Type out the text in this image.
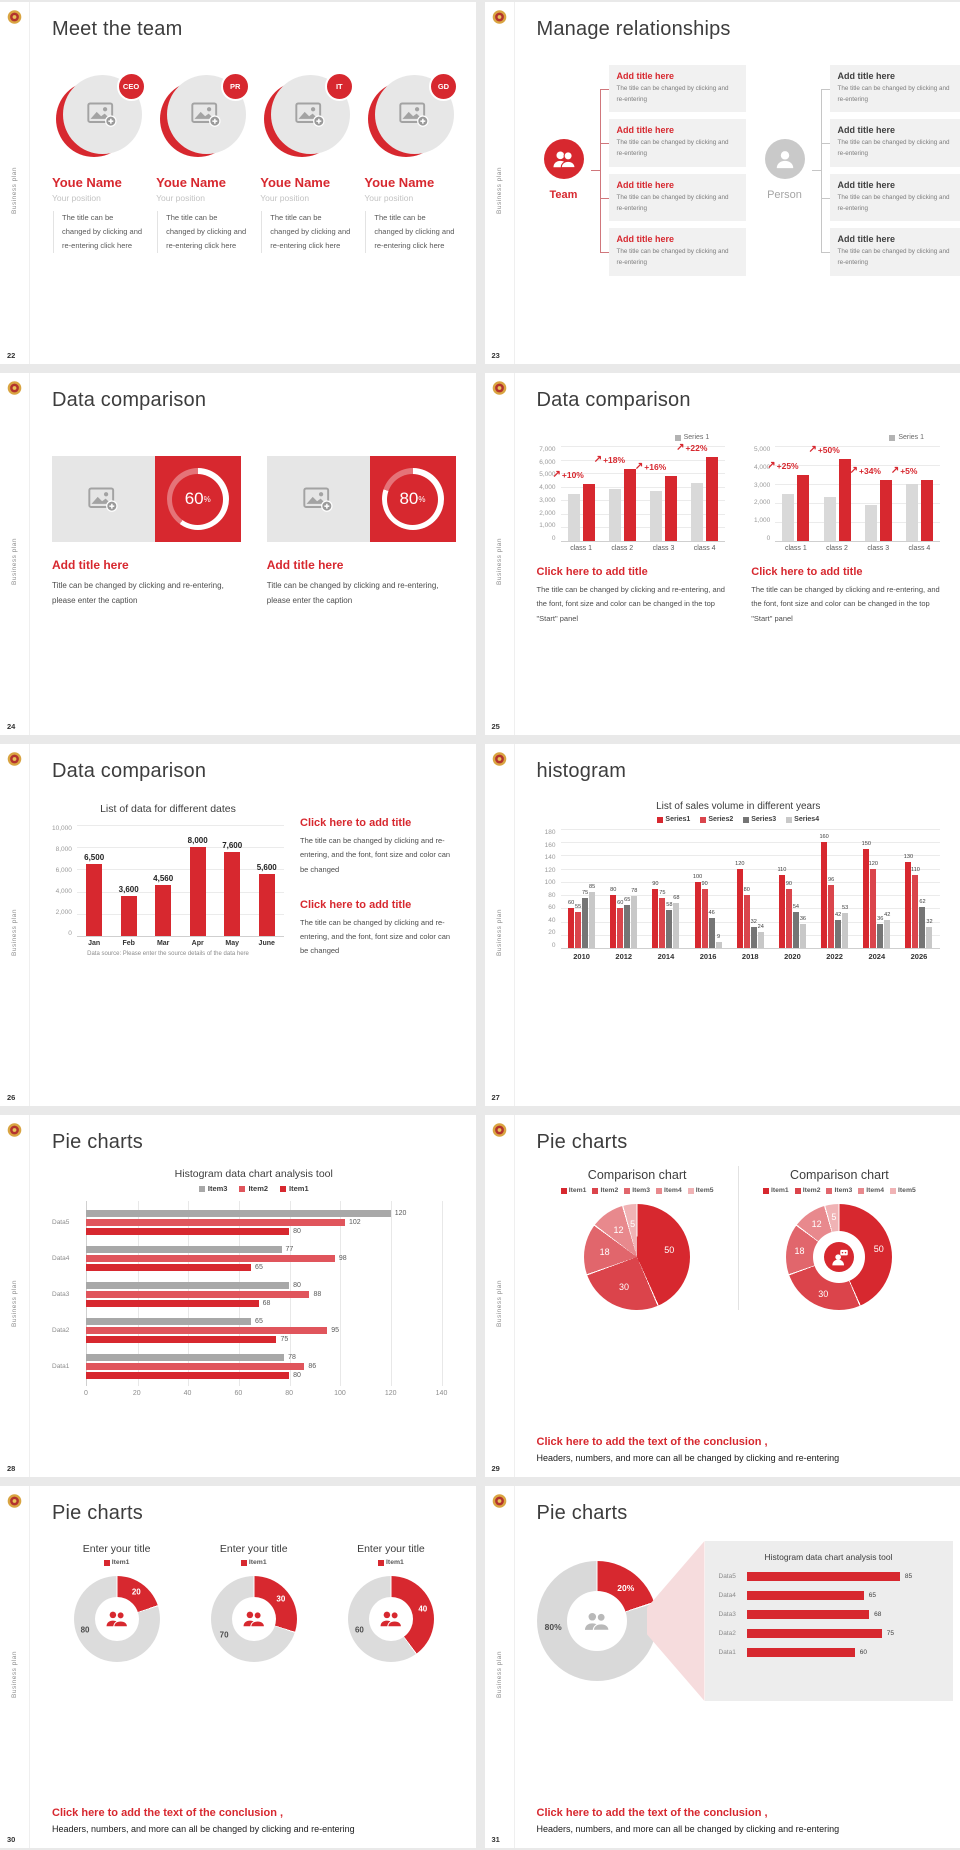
Business plan
22
Meet the team
CEO
Youe Name
Your position
The title can be changed by clicking and re-entering click here
PR
Youe Name
Your position
The title can be changed by clicking and re-entering click here
IT
Youe Name
Your position
The title can be changed by clicking and re-entering click here
GD
Youe Name
Your position
The title can be changed by clicking and re-entering click here
Business plan
23
Manage relationships
Team
Add title here
The title can be changed by clicking and re-entering
Add title here
The title can be changed by clicking and re-entering
Add title here
The title can be changed by clicking and re-entering
Add title here
The title can be changed by clicking and re-entering
Person
Add title here
The title can be changed by clicking and re-entering
Add title here
The title can be changed by clicking and re-entering
Add title here
The title can be changed by clicking and re-entering
Add title here
The title can be changed by clicking and re-entering
Business plan
24
Data comparison
60 %
Add title here
Title can be changed by clicking and re-entering, please enter the caption
80 %
Add title here
Title can be changed by clicking and re-entering, please enter the caption
Business plan
25
Data comparison
Series 1
7,000
6,000
5,000
4,000
3,000
2,000
1,000
0
↗ +10%
↗ +18%
↗ +16%
↗ +22%
class 1	class 2	class 3	class 4
Click here to add title
The title can be changed by clicking and re-entering, and the font, font size and color can be changed in the top "Start" panel
Series 1
5,000
4,000
3,000
2,000
1,000
0
↗ +25%
↗ +50%
↗ +34% ↗ +5%
class 1	class 2	class 3	class 4
Click here to add title
The title can be changed by clicking and re-entering, and the font, font size and color can be changed in the top "Start" panel
Business plan
26
Data comparison
List of data for different dates
10,000
8,000
6,000
4,000
2,000
0
6,500
3,600
4,560
8,000 7,600
5,600
Jan	Feb	Mar	Apr	May	June
Data source: Please enter the source details of the data here
Click here to add title
The title can be changed by clicking and re-entering, and the font, font size and color can be changed
Click here to add title
The title can be changed by clicking and re-entering, and the font, font size and color can be changed	Business plan
27
histogram
List of sales volume in different years
Series1	Series2	Series3	Series4
180
160
140
120
100
80
60
40
20
0
60
55
75
85
80
60
65
78
90
75
58
68
100
90
46
9
120
80
32
24
110
90
54
36
160
96
42
53
150
120
36
42
130
110
62
32
2010	2012	2014	2016	2018	2020	2022	2024	2026
Business plan
28
Pie charts
Histogram data chart analysis tool
Item3	Item2	Item1
Data5
120
102
80
Data4
77
98
65
Data3
80
88
68
Data2
65
95
75
Data1
78
86
80
0	20	40	60	80	100	120	140
Business plan
29
Pie charts
Comparison chart
Item1 Item2 Item3 Item4 Item5
50
30
18
12
5
Comparison chart
Item1 Item2 Item3 Item4 Item5
50
30
18
12
5
Click here to add the text of the conclusion ,
Headers, numbers, and more can all be changed by clicking and re-entering
Business plan
30
Pie charts
Enter your title
Item1
20
80
Enter your title
Item1
30
70
Enter your title
Item1
40
60
Click here to add the text of the conclusion ,
Headers, numbers, and more can all be changed by clicking and re-entering
Business plan
31
Pie charts
20%
80%
Histogram data chart analysis tool
Data5	85
Data4	65
Data3	68
Data2	75
Data1	60
Click here to add the text of the conclusion ,
Headers, numbers, and more can all be changed by clicking and re-entering
